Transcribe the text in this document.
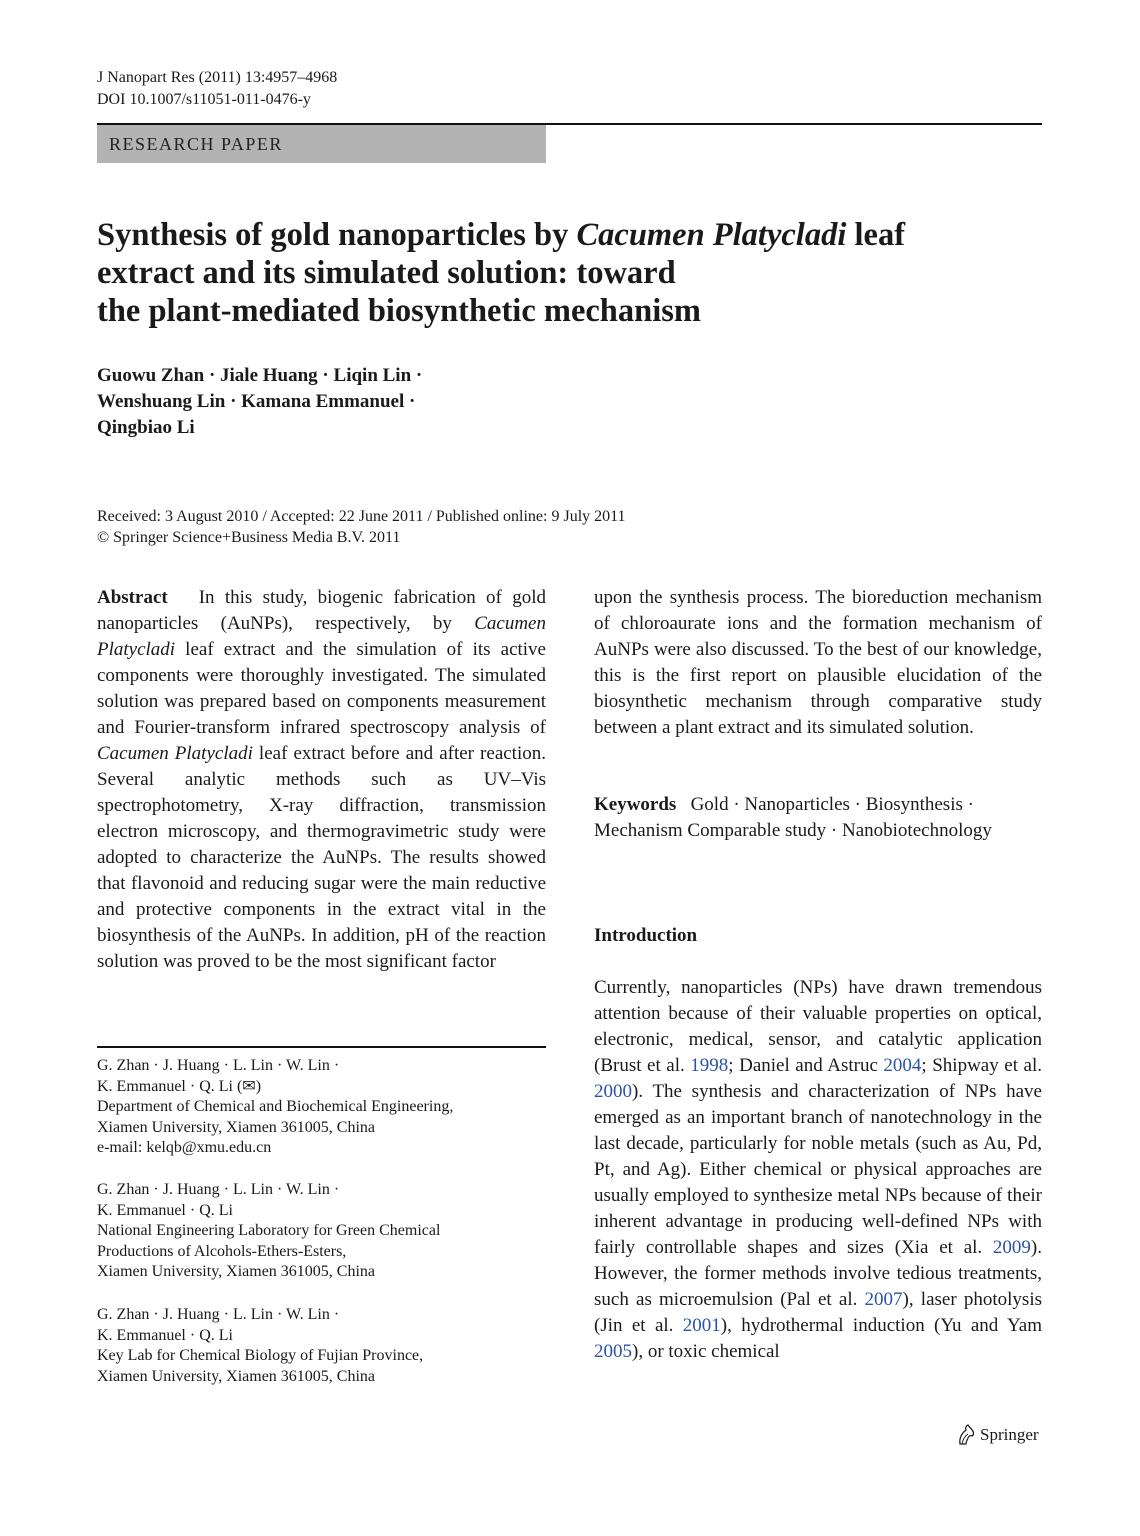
J Nanopart Res (2011) 13:4957–4968
DOI 10.1007/s11051-011-0476-y
RESEARCH PAPER
Synthesis of gold nanoparticles by Cacumen Platycladi leaf
extract and its simulated solution: toward
the plant-mediated biosynthetic mechanism
Guowu Zhan · Jiale Huang · Liqin Lin ·
Wenshuang Lin · Kamana Emmanuel ·
Qingbiao Li
Received: 3 August 2010 / Accepted: 22 June 2011 / Published online: 9 July 2011
© Springer Science+Business Media B.V. 2011
Abstract In this study, biogenic fabrication of gold nanoparticles (AuNPs), respectively, by Cacumen Platycladi leaf extract and the simulation of its active components were thoroughly investigated. The simulated solution was prepared based on components measurement and Fourier-transform infrared spectroscopy analysis of Cacumen Platycladi leaf extract before and after reaction. Several analytic methods such as UV–Vis spectrophotometry, X-ray diffraction, transmission electron microscopy, and thermogravimetric study were adopted to characterize the AuNPs. The results showed that flavonoid and reducing sugar were the main reductive and protective components in the extract vital in the biosynthesis of the AuNPs. In addition, pH of the reaction solution was proved to be the most significant factor
G. Zhan · J. Huang · L. Lin · W. Lin ·
K. Emmanuel · Q. Li (✉)
Department of Chemical and Biochemical Engineering,
Xiamen University, Xiamen 361005, China
e-mail: kelqb@xmu.edu.cn
G. Zhan · J. Huang · L. Lin · W. Lin ·
K. Emmanuel · Q. Li
National Engineering Laboratory for Green Chemical
Productions of Alcohols-Ethers-Esters,
Xiamen University, Xiamen 361005, China
G. Zhan · J. Huang · L. Lin · W. Lin ·
K. Emmanuel · Q. Li
Key Lab for Chemical Biology of Fujian Province,
Xiamen University, Xiamen 361005, China
upon the synthesis process. The bioreduction mechanism of chloroaurate ions and the formation mechanism of AuNPs were also discussed. To the best of our knowledge, this is the first report on plausible elucidation of the biosynthetic mechanism through comparative study between a plant extract and its simulated solution.
Keywords Gold · Nanoparticles · Biosynthesis ·
Mechanism Comparable study · Nanobiotechnology
Introduction
Currently, nanoparticles (NPs) have drawn tremendous attention because of their valuable properties on optical, electronic, medical, sensor, and catalytic application (Brust et al. 1998; Daniel and Astruc 2004; Shipway et al. 2000). The synthesis and characterization of NPs have emerged as an important branch of nanotechnology in the last decade, particularly for noble metals (such as Au, Pd, Pt, and Ag). Either chemical or physical approaches are usually employed to synthesize metal NPs because of their inherent advantage in producing well-defined NPs with fairly controllable shapes and sizes (Xia et al. 2009). However, the former methods involve tedious treatments, such as microemulsion (Pal et al. 2007), laser photolysis (Jin et al. 2001), hydrothermal induction (Yu and Yam 2005), or toxic chemical
Springer
